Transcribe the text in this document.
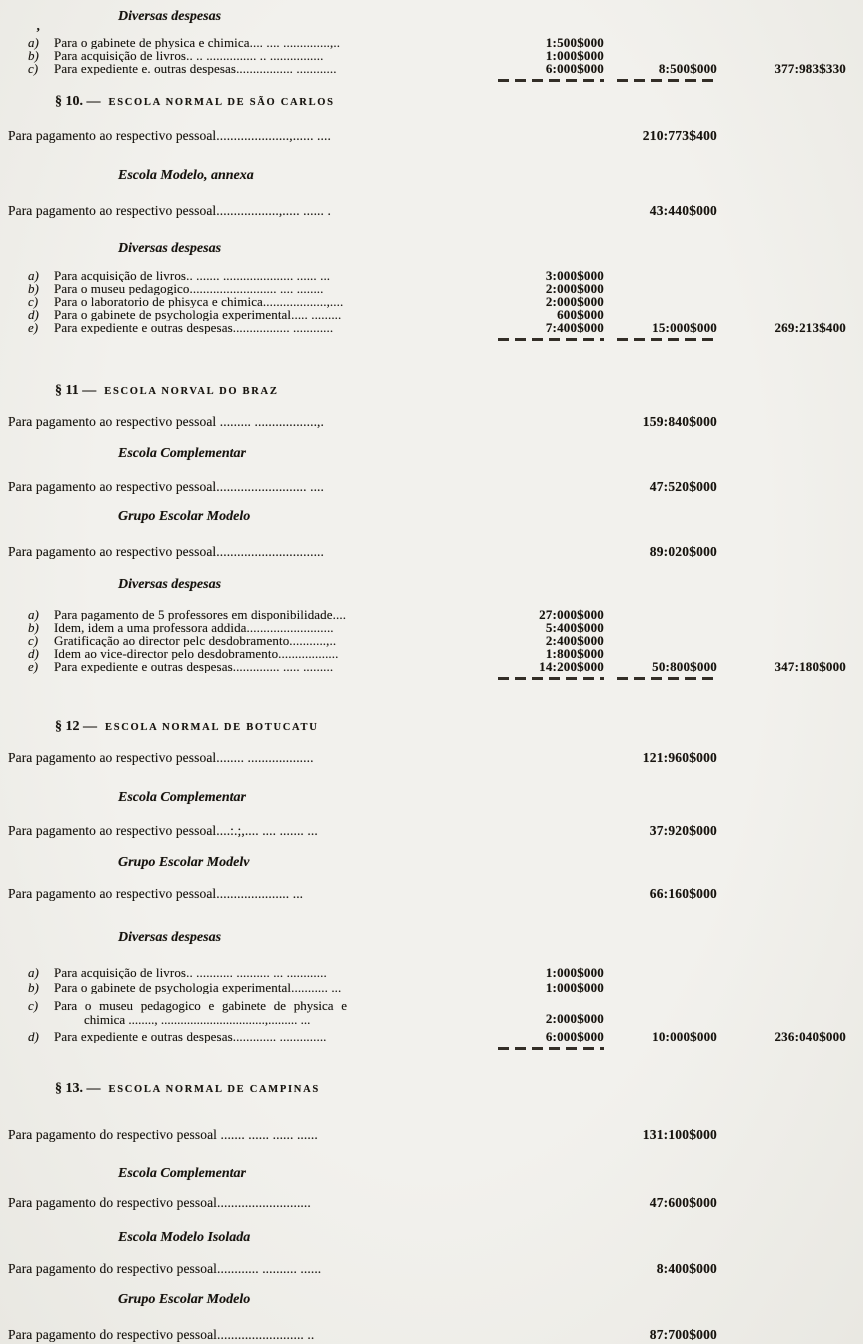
‚
Diversas despesas
a)	Para o gabinete de physica e chimica.... .... ..............,..	1:500$000
b)	Para acquisição de livros.. .. ............... .. ................	1:000$000
c)	Para expediente e. outras despesas................. ............	6:000$000	8:500$000	377:983$330
§ 10. — ESCOLA NORMAL DE SÃO CARLOS
Para pagamento ao respectivo pessoal.....................,...... ....	210:773$400
Escola Modelo, annexa
Para pagamento ao respectivo pessoal..................,..... ...... .	43:440$000
Diversas despesas
a)	Para acquisição de livros.. ....... ..................... ...... ...	3:000$000
b)	Para o museu pedagogico.......................... .... ........	2:000$000
c)	Para o laboratorio de phisyca e chimica...................,....	2:000$000
d)	Para o gabinete de psychologia experimental..... .........	600$000
e)	Para expediente e outras despesas................. ............	7:400$000	15:000$000	269:213$400
§ 11 — ESCOLA NORVAL DO BRAZ
Para pagamento ao respectivo pessoal ......... ..................,.	159:840$000
Escola Complementar
Para pagamento ao respectivo pessoal.......................... ....	47:520$000
Grupo Escolar Modelo
Para pagamento ao respectivo pessoal...............................	89:020$000
Diversas despesas
a)	Para pagamento de 5 professores em disponibilidade....	27:000$000
b)	Idem, idem a uma professora addida..........................	5:400$000
c)	Gratificação ao director pelc desdobramento...........,..	2:400$000
d)	Idem ao vice-director pelo desdobramento..................	1:800$000
e)	Para expediente e outras despesas.............. ..... .........	14:200$000	50:800$000	347:180$000
§ 12 — ESCOLA NORMAL DE BOTUCATU
Para pagamento ao respectivo pessoal........ ...................	121:960$000
Escola Complementar
Para pagamento ao respectivo pessoal....:.;,.... .... ....... ...	37:920$000
Grupo Escolar Modelv
Para pagamento ao respectivo pessoal..................... ...	66:160$000
Diversas despesas
a)	Para acquisição de livros.. ........... .......... ... ............	1:000$000
b)	Para o gabinete de psychologia experimental........... ...	1:000$000
c)	Para o museu pedagogico e gabinete de physica e
chimica ........, ................................,......... ...	2:000$000
d)	Para expediente e outras despesas............. ..............	6:000$000	10:000$000	236:040$000
§ 13. — ESCOLA NORMAL DE CAMPINAS
Para pagamento do respectivo pessoal ....... ...... ...... ......	131:100$000
Escola Complementar
Para pagamento do respectivo pessoal...........................	47:600$000
Escola Modelo Isolada
Para pagamento do respectivo pessoal............ .......... ......	8:400$000
Grupo Escolar Modelo
Para pagamento do respectivo pessoal......................... ..	87:700$000
